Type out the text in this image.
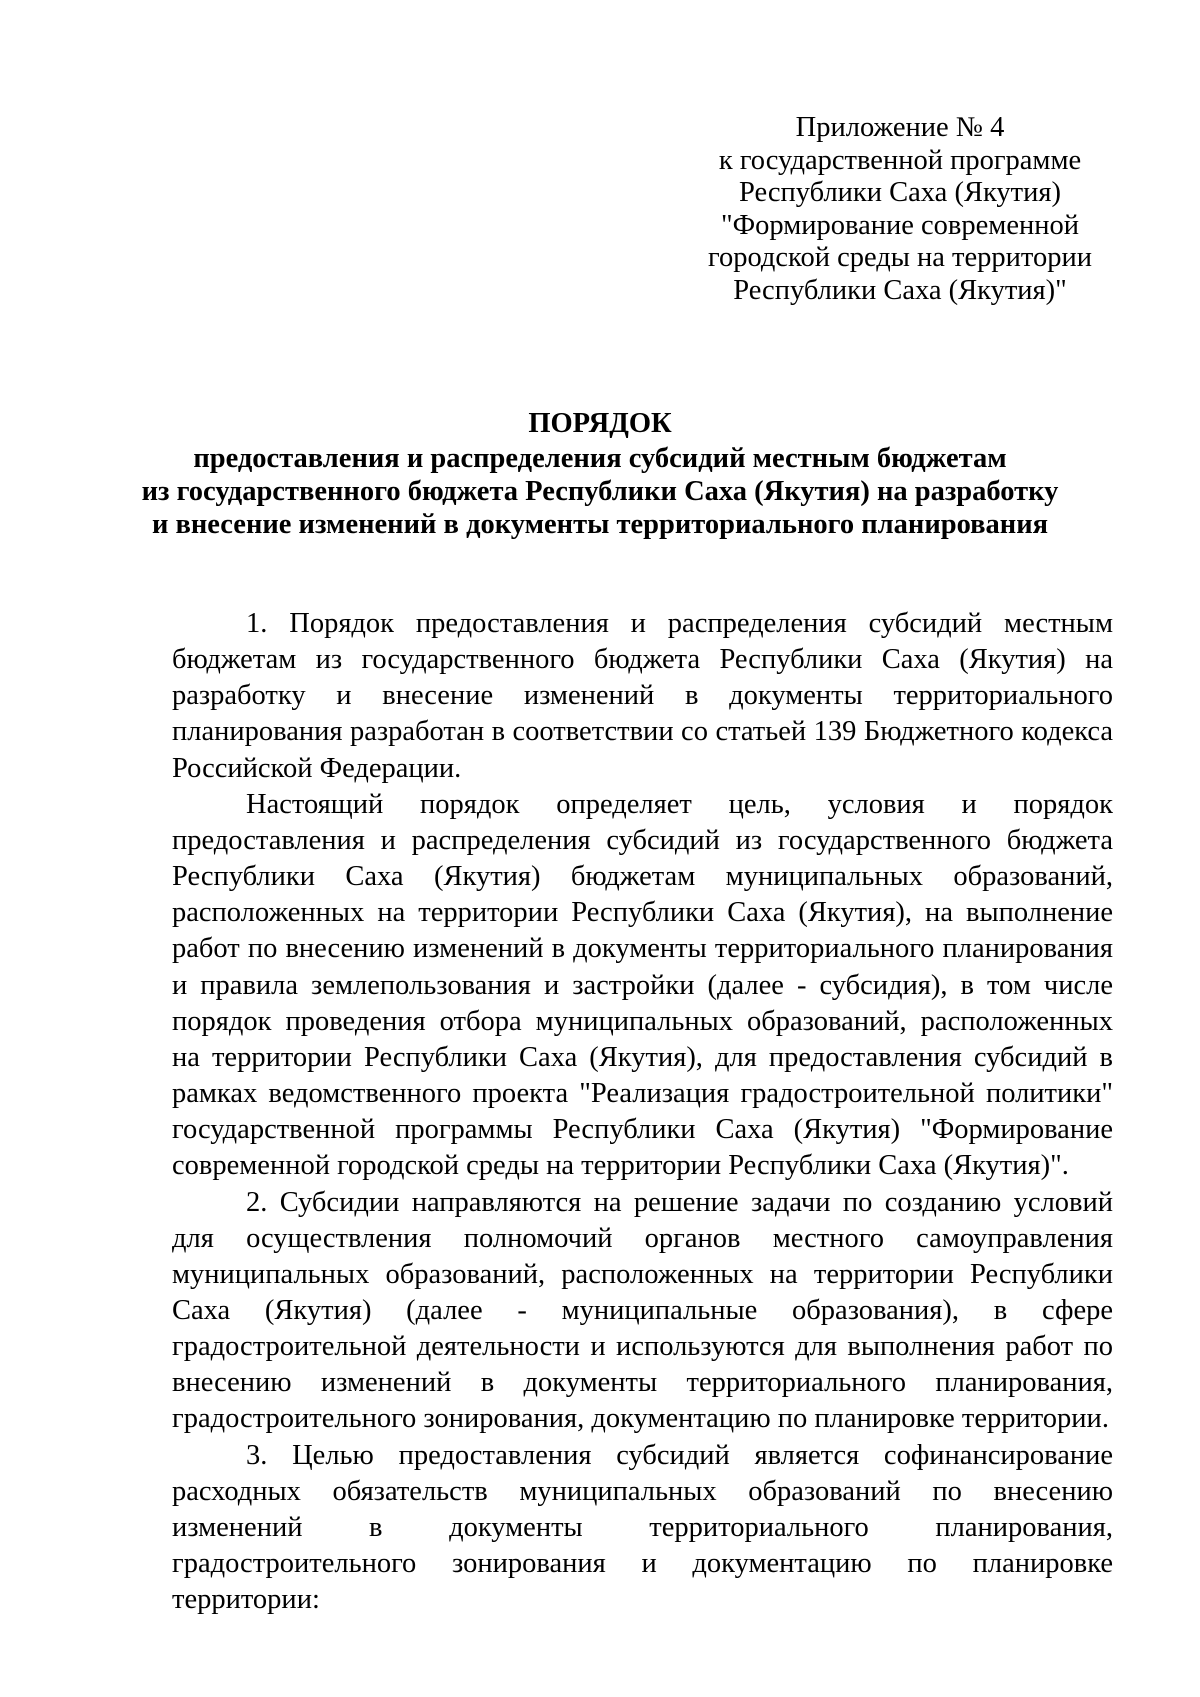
Приложение № 4
к государственной программе
Республики Саха (Якутия)
"Формирование современной
городской среды на территории
Республики Саха (Якутия)"
ПОРЯДОК
предоставления и распределения субсидий местным бюджетам
из государственного бюджета Республики Саха (Якутия) на разработку
и внесение изменений в документы территориального планирования

1. Порядок предоставления и распределения субсидий местным бюджетам из государственного бюджета Республики Саха (Якутия) на разработку и внесение изменений в документы территориального планирования разработан в соответствии со статьей 139 Бюджетного кодекса Российской Федерации.

Настоящий порядок определяет цель, условия и порядок предоставления и распределения субсидий из государственного бюджета Республики Саха (Якутия) бюджетам муниципальных образований, расположенных на территории Республики Саха (Якутия), на выполнение работ по внесению изменений в документы территориального планирования и правила землепользования и застройки (далее - субсидия), в том числе порядок проведения отбора муниципальных образований, расположенных на территории Республики Саха (Якутия), для предоставления субсидий в рамках ведомственного проекта "Реализация градостроительной политики" государственной программы Республики Саха (Якутия) "Формирование современной городской среды на территории Республики Саха (Якутия)".

2. Субсидии направляются на решение задачи по созданию условий для осуществления полномочий органов местного самоуправления муниципальных образований, расположенных на территории Республики Саха (Якутия) (далее - муниципальные образования), в сфере градостроительной деятельности и используются для выполнения работ по внесению изменений в документы территориального планирования, градостроительного зонирования, документацию по планировке территории.

3. Целью предоставления субсидий является софинансирование расходных обязательств муниципальных образований по внесению изменений в документы территориального планирования, градостроительного зонирования и документацию по планировке территории:
